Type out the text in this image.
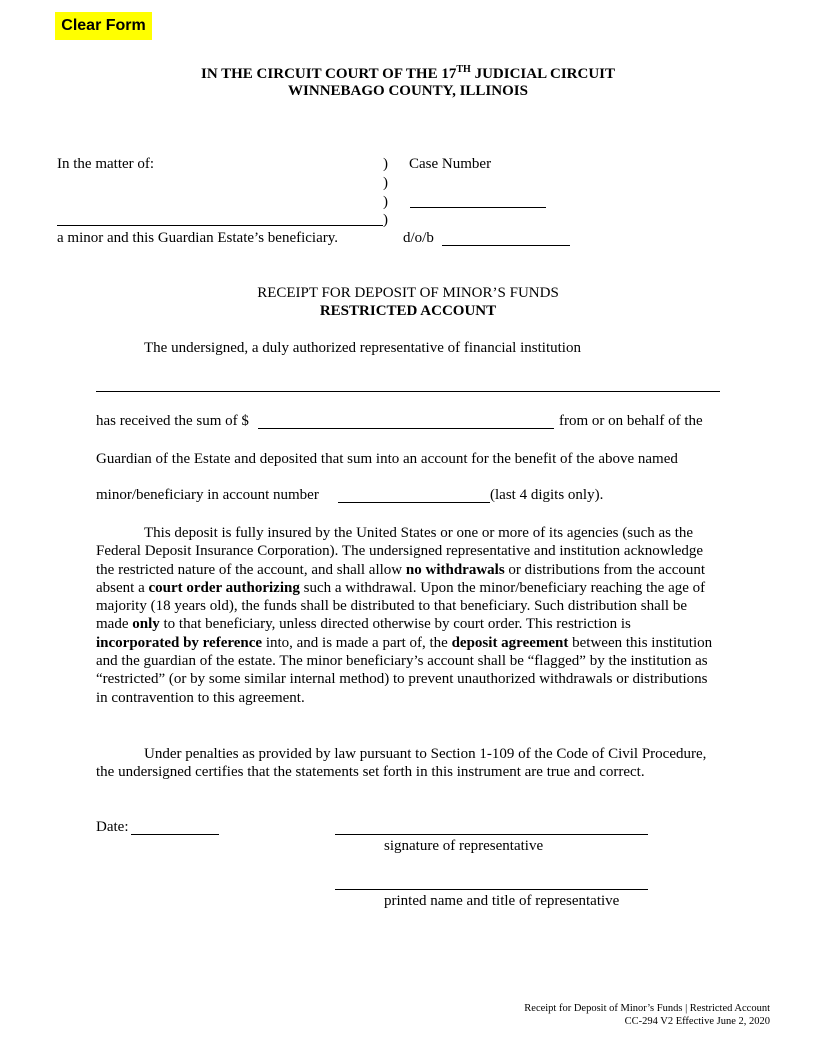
Clear Form
IN THE CIRCUIT COURT OF THE 17TH JUDICIAL CIRCUIT
WINNEBAGO COUNTY, ILLINOIS
In the matter of:	)
)
)
)
Case Number
a minor and this Guardian Estate’s beneficiary.	d/o/b
RECEIPT FOR DEPOSIT OF MINOR’S FUNDS
RESTRICTED ACCOUNT
The undersigned, a duly authorized representative of financial institution
has received the sum of $	from or on behalf of the
Guardian of the Estate and deposited that sum into an account for the benefit of the above named
minor/beneficiary in account number	(last 4 digits only).
This deposit is fully insured by the United States or one or more of its agencies (such as the Federal Deposit Insurance Corporation). The undersigned representative and institution acknowledge the restricted nature of the account, and shall allow no withdrawals or distributions from the account absent a court order authorizing such a withdrawal. Upon the minor/beneficiary reaching the age of majority (18 years old), the funds shall be distributed to that beneficiary. Such distribution shall be made only to that beneficiary, unless directed otherwise by court order. This restriction is incorporated by reference into, and is made a part of, the deposit agreement between this institution and the guardian of the estate. The minor beneficiary’s account shall be “flagged” by the institution as “restricted” (or by some similar internal method) to prevent unauthorized withdrawals or distributions in contravention to this agreement.
Under penalties as provided by law pursuant to Section 1-109 of the Code of Civil Procedure, the undersigned certifies that the statements set forth in this instrument are true and correct.
Date:
signature of representative
printed name and title of representative
Receipt for Deposit of Minor’s Funds | Restricted Account
CC-294 V2 Effective June 2, 2020
